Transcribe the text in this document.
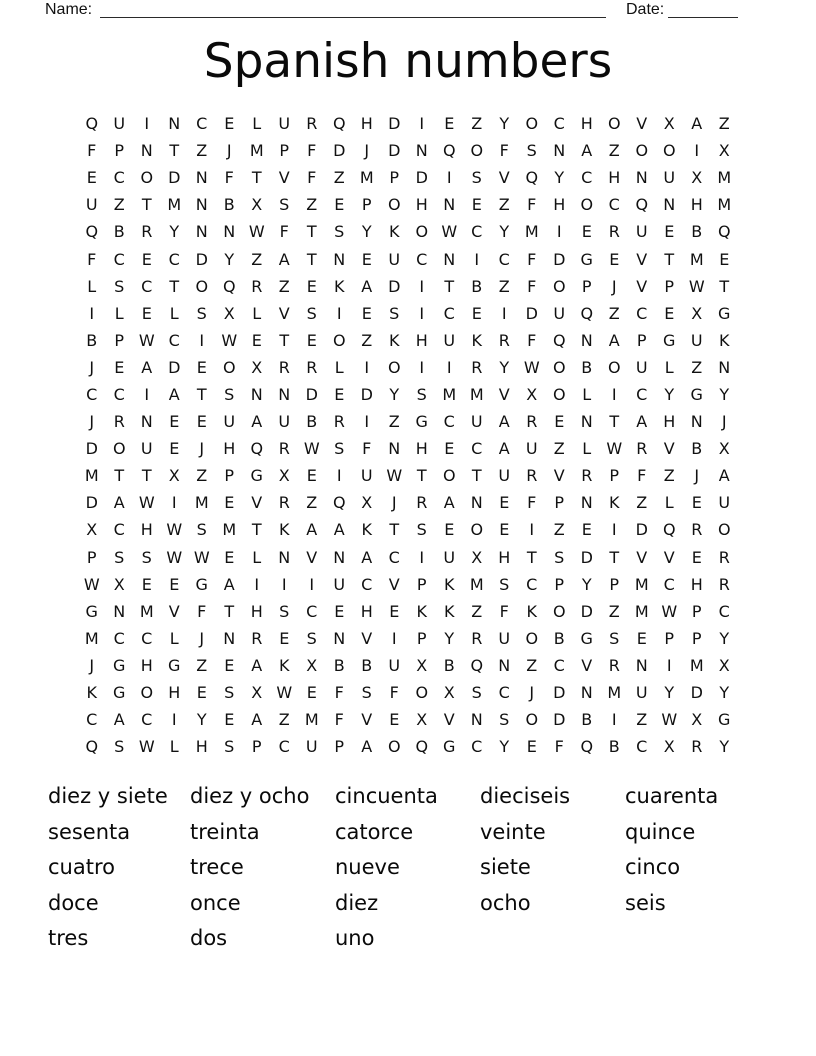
Name:	Date:
Spanish numbers
Q U	I	N C	E	L	U	R Q H D	I	E	Z	Y	O C H O V	X	A	Z
F	P	N	T	Z	J	M P	F	D	J	D N Q O	F	S	N	A	Z O O	I	X
E	C O D N	F	T	V	F	Z M P	D	I	S	V Q	Y	C H N U	X M
U	Z	T M N	B	X	S	Z	E	P	O H N	E	Z	F	H O C Q N H M
Q B	R	Y	N N W F	T	S	Y	K O W C	Y M	I	E	R	U	E	B Q
F	C	E	C D	Y	Z	A	T	N	E	U	C N	I	C	F	D G	E	V	T M E
L	S	C	T	O Q R	Z	E	K	A D	I	T	B	Z	F	O	P	J	V	P W T
I	L	E	L	S	X	L	V	S	I	E	S	I	C	E	I	D U Q Z	C	E	X G
B	P W C	I	W E	T	E	O Z	K	H U	K	R	F	Q N	A	P	G U	K
J	E	A D	E	O X	R	R	L	I	O	I	I	R	Y W O B O U	L	Z	N
C	C	I	A	T	S	N N D	E	D	Y	S M M V	X O	L	I	C	Y	G	Y
J	R N	E	E	U	A	U	B	R	I	Z G C	U	A	R	E	N	T	A	H N	J
D O U	E	J	H Q R W S	F	N H	E	C	A	U	Z	L W R	V	B	X
M T	T	X	Z	P	G X	E	I	U W T	O	T	U	R	V	R	P	F	Z	J	A
D A W	I	M E	V	R	Z Q X	J	R	A	N	E	F	P	N	K	Z	L	E	U
X	C H W S M T	K	A	A	K	T	S	E	O	E	I	Z	E	I	D Q R O
P	S	S W W E	L	N	V	N	A	C	I	U	X	H	T	S	D	T	V	V	E	R
W X	E	E	G A	I	I	I	U	C	V	P	K M S	C	P	Y	P M C H R
G N M V	F	T	H	S	C	E	H	E	K	K	Z	F	K O D Z M W P	C
M C	C	L	J	N R	E	S	N	V	I	P	Y	R	U O B G	S	E	P	P	Y
J	G H G Z	E	A	K	X	B	B	U	X	B Q N	Z	C	V	R N	I	M X
K	G O H	E	S	X W E	F	S	F	O X	S	C	J	D N M U	Y	D	Y
C	A	C	I	Y	E	A	Z M F	V	E	X	V	N	S	O D B	I	Z W X G
Q	S W L	H	S	P	C	U	P	A O Q G C	Y	E	F	Q B	C	X	R	Y
diez y siete
sesenta
cuatro
doce
tres
diez y ocho
treinta
trece
once
dos
cincuenta
catorce
nueve
diez
uno
dieciseis
veinte
siete
ocho
cuarenta
quince
cinco
seis
